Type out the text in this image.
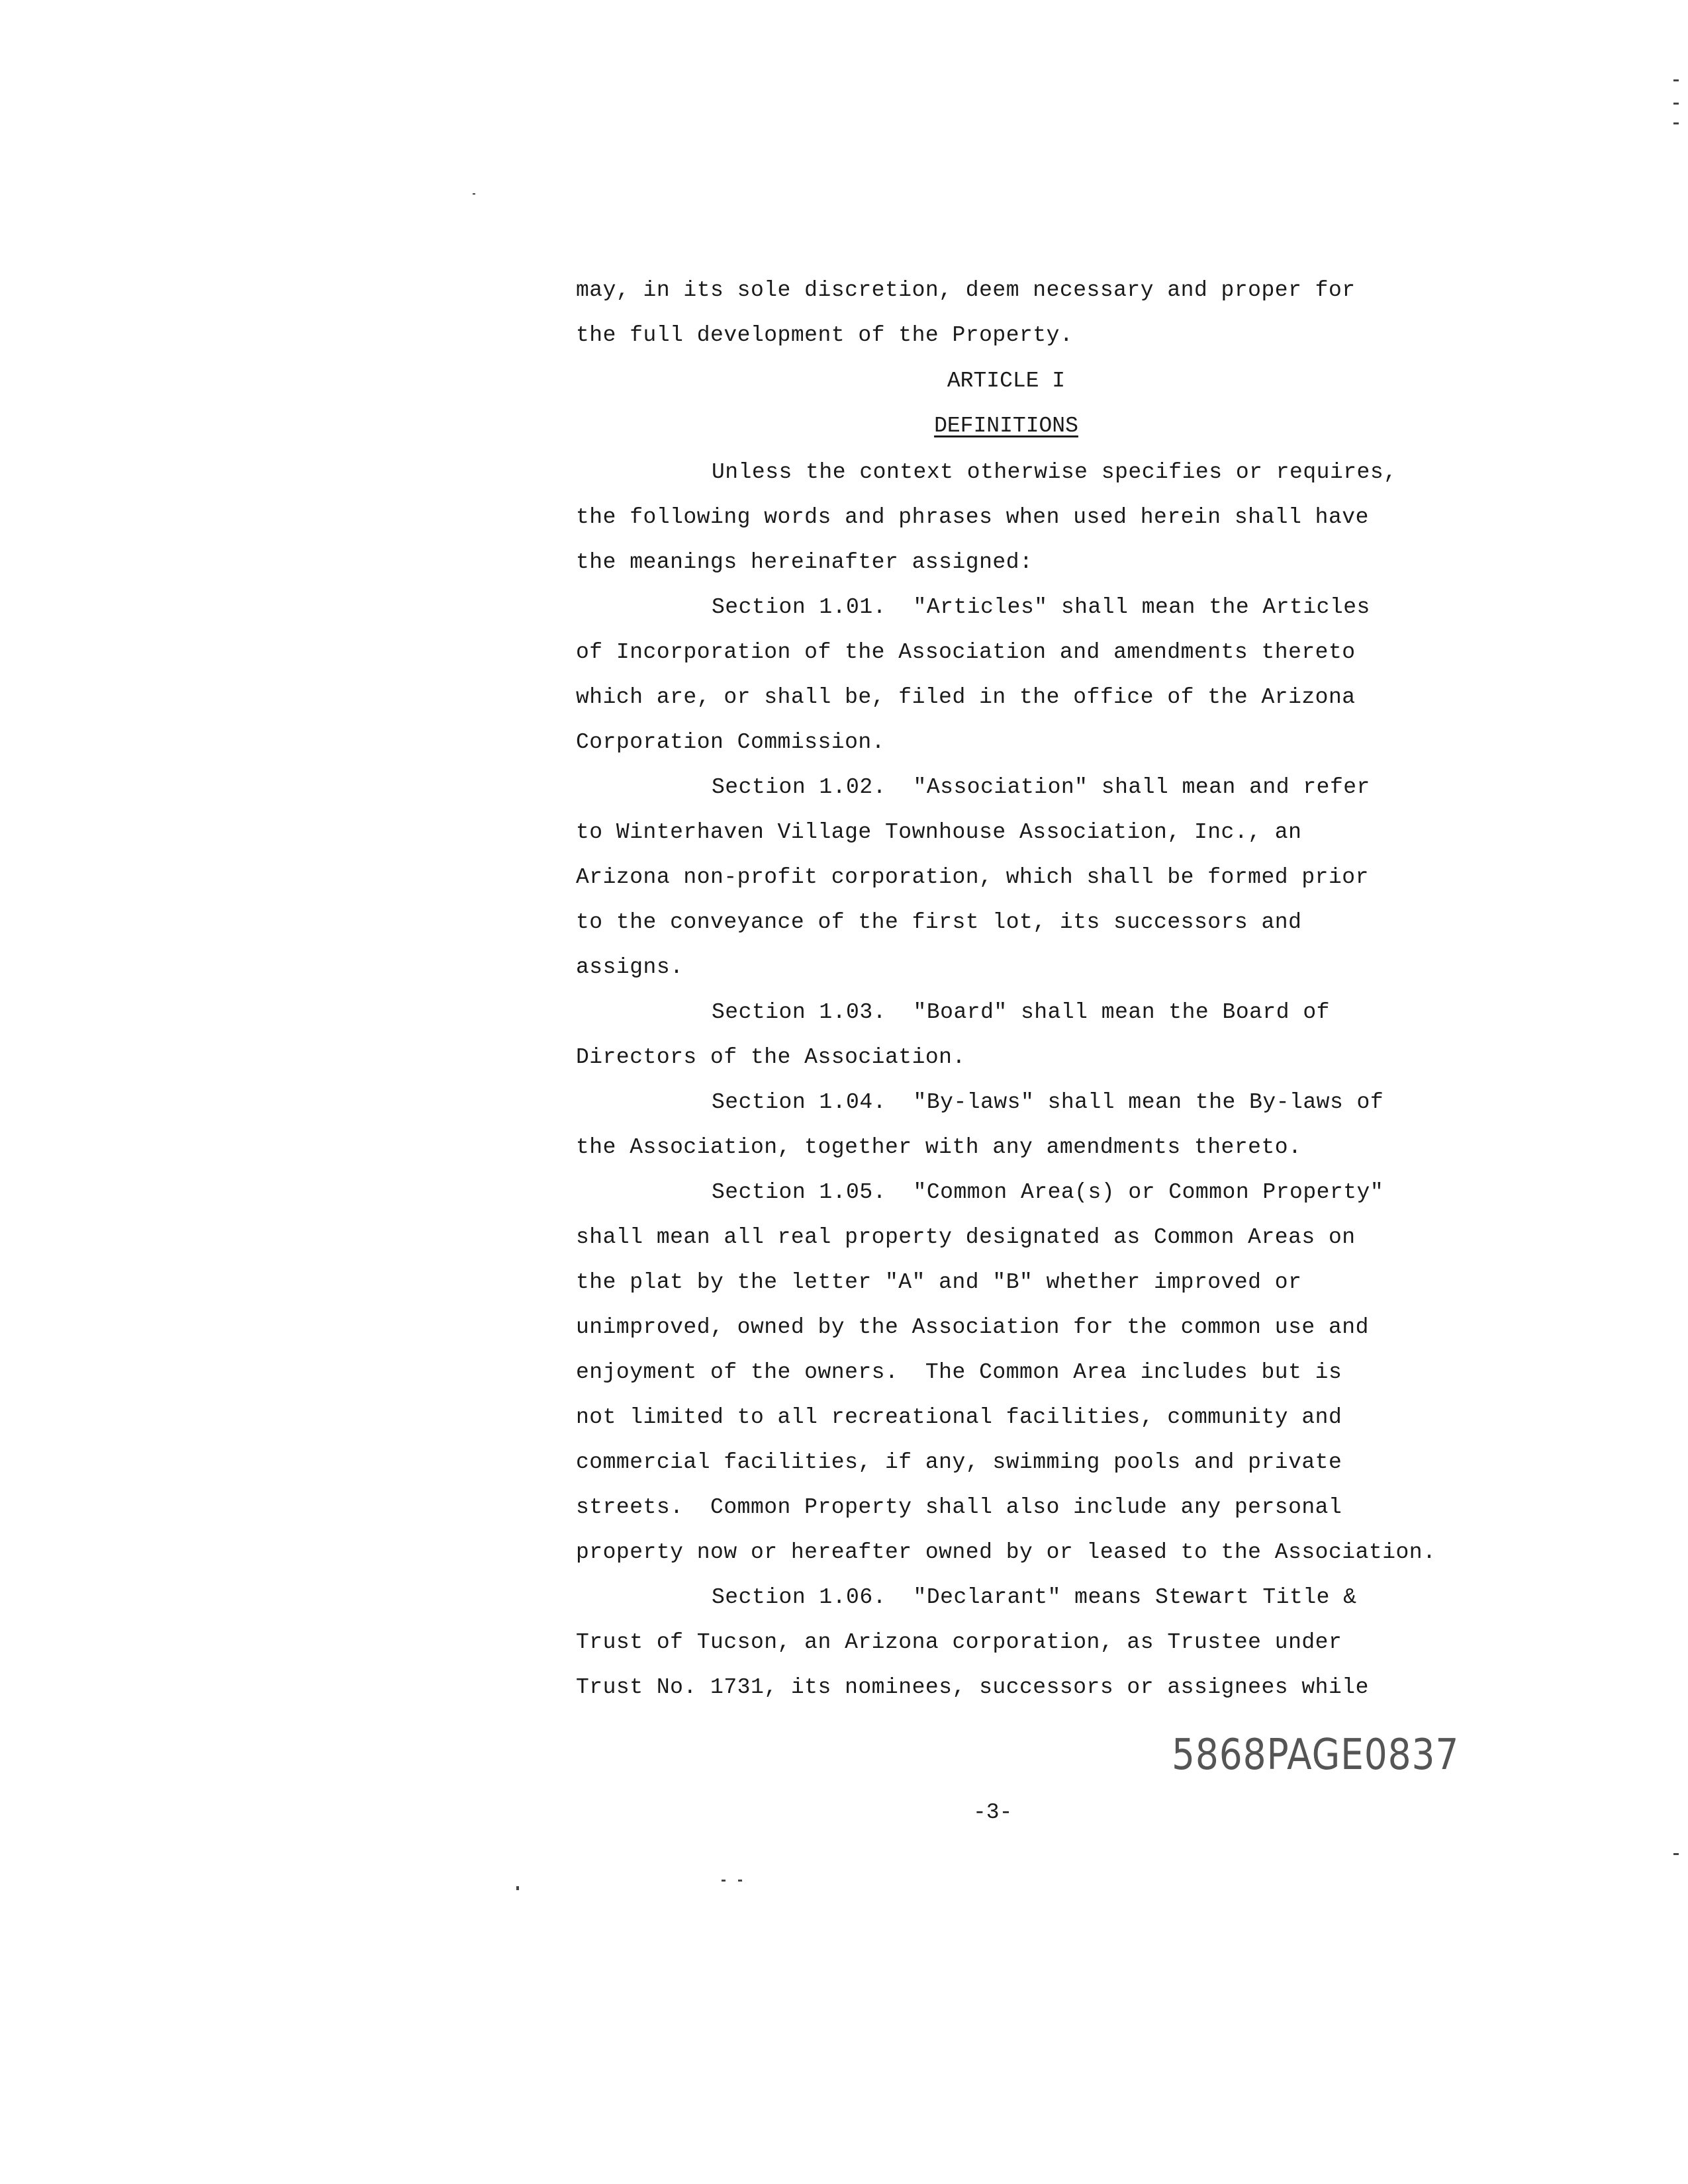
may, in its sole discretion, deem necessary and proper for
the full development of the Property.
ARTICLE I
DEFINITIONS
Unless the context otherwise specifies or requires,
the following words and phrases when used herein shall have
the meanings hereinafter assigned:
Section 1.01.  "Articles" shall mean the Articles
of Incorporation of the Association and amendments thereto
which are, or shall be, filed in the office of the Arizona
Corporation Commission.
Section 1.02.  "Association" shall mean and refer
to Winterhaven Village Townhouse Association, Inc., an
Arizona non-profit corporation, which shall be formed prior
to the conveyance of the first lot, its successors and
assigns.
Section 1.03.  "Board" shall mean the Board of
Directors of the Association.
Section 1.04.  "By-laws" shall mean the By-laws of
the Association, together with any amendments thereto.
Section 1.05.  "Common Area(s) or Common Property"
shall mean all real property designated as Common Areas on
the plat by the letter "A" and "B" whether improved or
unimproved, owned by the Association for the common use and
enjoyment of the owners.  The Common Area includes but is
not limited to all recreational facilities, community and
commercial facilities, if any, swimming pools and private
streets.  Common Property shall also include any personal
property now or hereafter owned by or leased to the Association.
Section 1.06.  "Declarant" means Stewart Title &
Trust of Tucson, an Arizona corporation, as Trustee under
Trust No. 1731, its nominees, successors or assignees while
5868PAGE0837
-3-
